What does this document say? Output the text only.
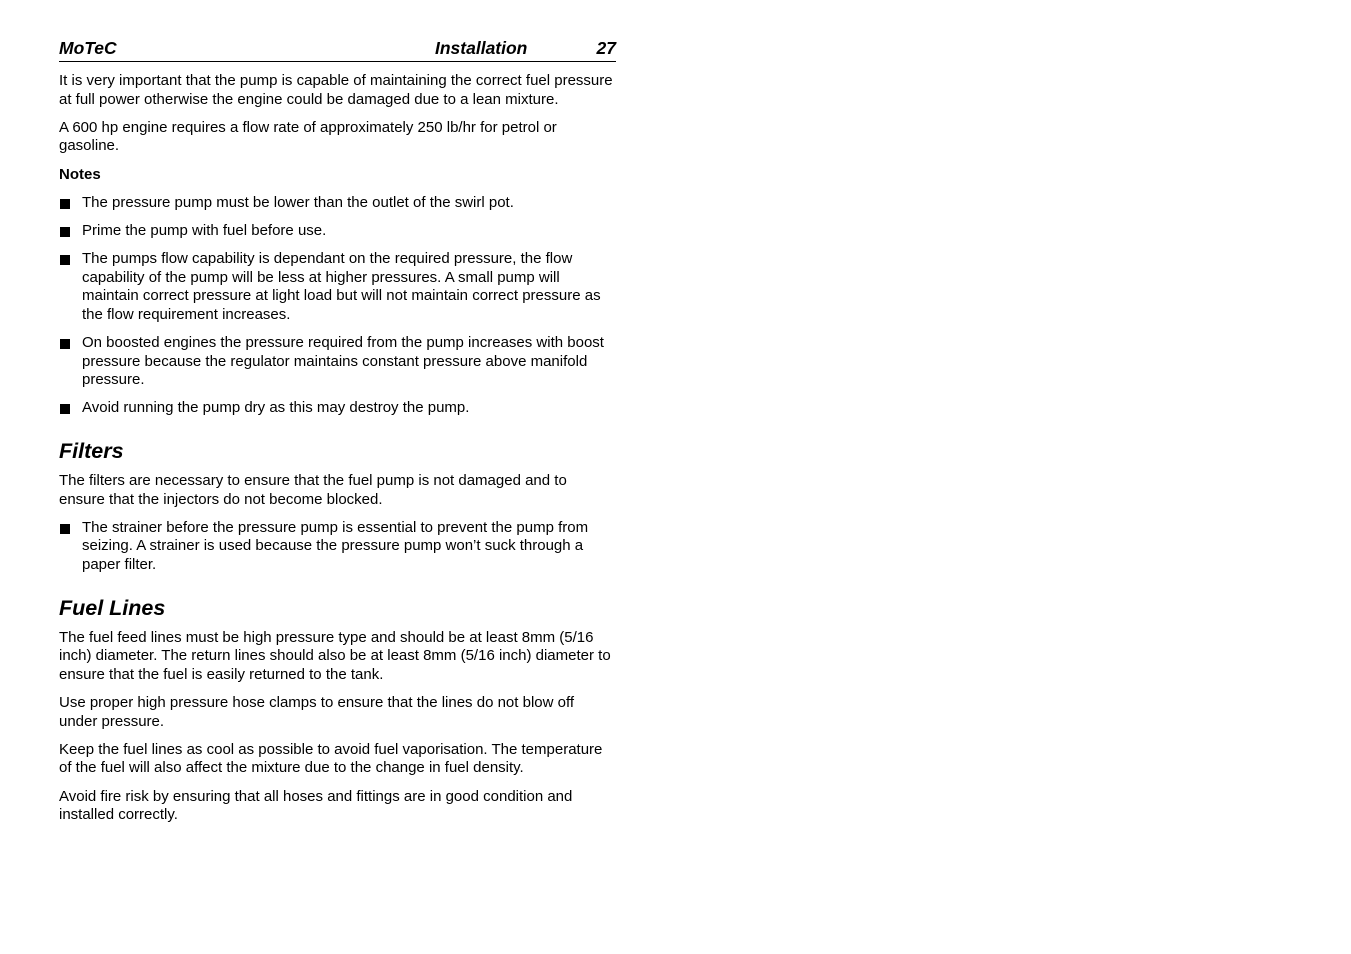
MoTeC	Installation	27

It is very important that the pump is capable of maintaining the correct fuel pressure at full power otherwise the engine could be damaged due to a lean mixture.

A 600 hp engine requires a flow rate of approximately 250 lb/hr for petrol or gasoline.

Notes
The pressure pump must be lower than the outlet of the swirl pot.
Prime the pump with fuel before use.
The pumps flow capability is dependant on the required pressure, the flow capability of the pump will be less at higher pressures. A small pump will maintain correct pressure at light load but will not maintain correct pressure as the flow requirement increases.
On boosted engines the pressure required from the pump increases with boost pressure because the regulator maintains constant pressure above manifold pressure.
Avoid running the pump dry as this may destroy the pump.
Filters

The filters are necessary to ensure that the fuel pump is not damaged and to ensure that the injectors do not become blocked.

The strainer before the pressure pump is essential to prevent the pump from seizing. A strainer is used because the pressure pump won’t suck through a paper filter.
Fuel Lines

The fuel feed lines must be high pressure type and should be at least 8mm (5/16 inch) diameter. The return lines should also be at least 8mm (5/16 inch) diameter to ensure that the fuel is easily returned to the tank.

Use proper high pressure hose clamps to ensure that the lines do not blow off under pressure.

Keep the fuel lines as cool as possible to avoid fuel vaporisation. The temperature of the fuel will also affect the mixture due to the change in fuel density.

Avoid fire risk by ensuring that all hoses and fittings are in good condition and installed correctly.
